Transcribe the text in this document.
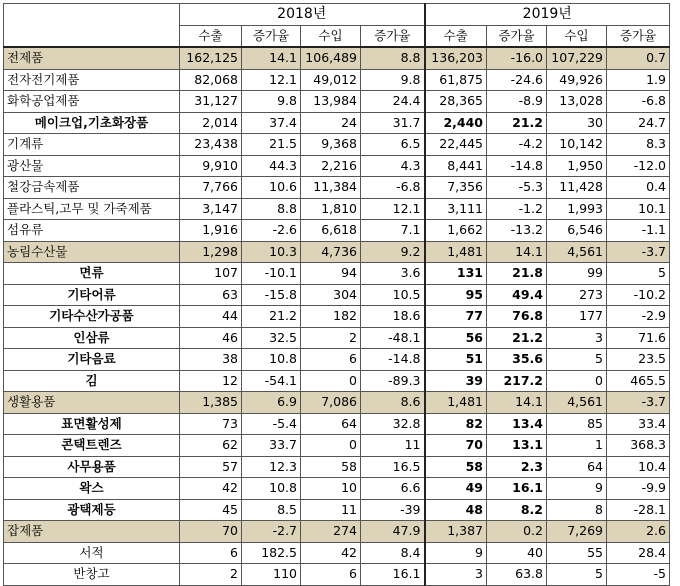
	2018년				2019년			
	수출	증가율	수입	증가율	수출	증가율	수입	증가율
전제품	162,125	14.1	106,489	8.8	136,203	-16.0	107,229	0.7
전자전기제품	82,068	12.1	49,012	9.8	61,875	-24.6	49,926	1.9
화학공업제품	31,127	9.8	13,984	24.4	28,365	-8.9	13,028	-6.8
메이크업,기초화장품	2,014	37.4	24	31.7	2,440	21.2	30	24.7
기계류	23,438	21.5	9,368	6.5	22,445	-4.2	10,142	8.3
광산물	9,910	44.3	2,216	4.3	8,441	-14.8	1,950	-12.0
철강금속제품	7,766	10.6	11,384	-6.8	7,356	-5.3	11,428	0.4
플라스틱,고무 및 가죽제품	3,147	8.8	1,810	12.1	3,111	-1.2	1,993	10.1
섬유류	1,916	-2.6	6,618	7.1	1,662	-13.2	6,546	-1.1
농림수산물	1,298	10.3	4,736	9.2	1,481	14.1	4,561	-3.7
면류	107	-10.1	94	3.6	131	21.8	99	5
기타어류	63	-15.8	304	10.5	95	49.4	273	-10.2
기타수산가공품	44	21.2	182	18.6	77	76.8	177	-2.9
인삼류	46	32.5	2	-48.1	56	21.2	3	71.6
기타음료	38	10.8	6	-14.8	51	35.6	5	23.5
김	12	-54.1	0	-89.3	39	217.2	0	465.5
생활용품	1,385	6.9	7,086	8.6	1,481	14.1	4,561	-3.7
표면활성제	73	-5.4	64	32.8	82	13.4	85	33.4
콘택트렌즈	62	33.7	0	11	70	13.1	1	368.3
사무용품	57	12.3	58	16.5	58	2.3	64	10.4
왁스	42	10.8	10	6.6	49	16.1	9	-9.9
광택제등	45	8.5	11	-39	48	8.2	8	-28.1
잡제품	70	-2.7	274	47.9	1,387	0.2	7,269	2.6
서적	6	182.5	42	8.4	9	40	55	28.4
반창고	2	110	6	16.1	3	63.8	5	-5
